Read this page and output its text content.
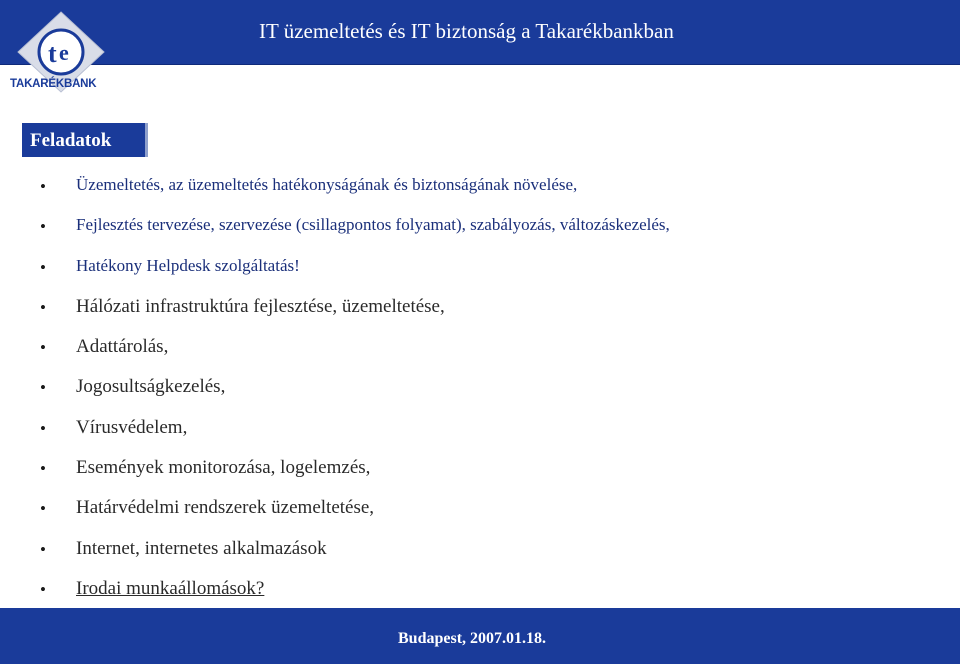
IT üzemeltetés és IT biztonság a Takarékbankban
t e
TAKARÉKBANK
Feladatok
• Üzemeltetés, az üzemeltetés hatékonyságának és biztonságának növelése,
• Fejlesztés tervezése, szervezése (csillagpontos folyamat), szabályozás, változáskezelés,
• Hatékony Helpdesk szolgáltatás!
• Hálózati infrastruktúra fejlesztése, üzemeltetése,
• Adattárolás,
• Jogosultságkezelés,
• Vírusvédelem,
• Események monitorozása, logelemzés,
• Határvédelmi rendszerek üzemeltetése,
• Internet, internetes alkalmazások
• Irodai munkaállomások?
Budapest, 2007.01.18.
